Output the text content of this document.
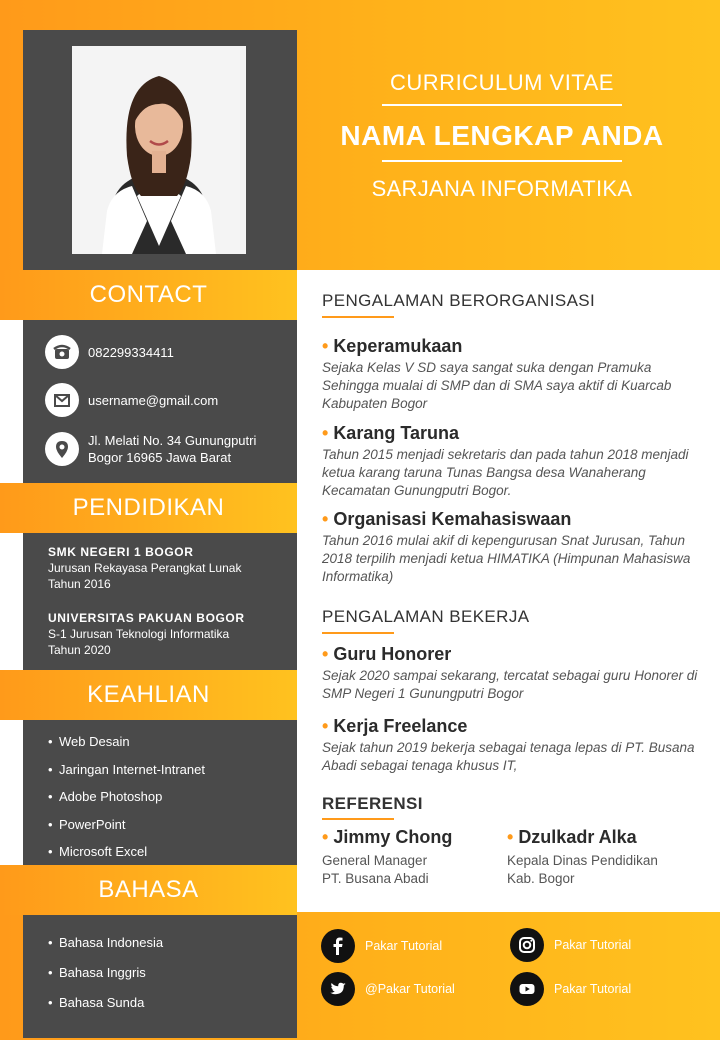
CURRICULUM VITAE
NAMA LENGKAP ANDA
SARJANA INFORMATIKA
CONTACT
082299334411
username@gmail.com
Jl. Melati No. 34 Gunungputri
Bogor 16965 Jawa Barat
PENDIDIKAN
SMK NEGERI 1 BOGOR
Jurusan Rekayasa Perangkat Lunak
Tahun 2016
UNIVERSITAS PAKUAN BOGOR
S-1 Jurusan Teknologi Informatika
Tahun 2020
KEAHLIAN
• Web Desain
• Jaringan Internet-Intranet
• Adobe Photoshop
• PowerPoint
• Microsoft Excel
BAHASA
• Bahasa Indonesia
• Bahasa Inggris
• Bahasa Sunda
PENGALAMAN BERORGANISASI
• Keperamukaan
Sejaka Kelas V SD saya sangat suka dengan Pramuka Sehingga mualai di SMP dan di SMA saya aktif di Kuarcab Kabupaten Bogor
• Karang Taruna
Tahun 2015 menjadi sekretaris dan pada tahun 2018 menjadi ketua karang taruna Tunas Bangsa desa Wanaherang Kecamatan Gunungputri Bogor.
• Organisasi Kemahasiswaan
Tahun 2016 mulai akif di kepengurusan Snat Jurusan, Tahun 2018 terpilih menjadi ketua HIMATIKA (Himpunan Mahasiswa Informatika)
PENGALAMAN BEKERJA
• Guru Honorer
Sejak 2020 sampai sekarang, tercatat sebagai guru Honorer di SMP Negeri 1 Gunungputri Bogor
• Kerja Freelance
Sejak tahun 2019 bekerja sebagai tenaga lepas di PT. Busana Abadi sebagai tenaga khusus IT,
REFERENSI
• Jimmy Chong
General Manager
PT. Busana Abadi
• Dzulkadr Alka
Kepala Dinas Pendidikan
Kab. Bogor
Pakar Tutorial	Pakar Tutorial
@Pakar Tutorial	Pakar Tutorial
